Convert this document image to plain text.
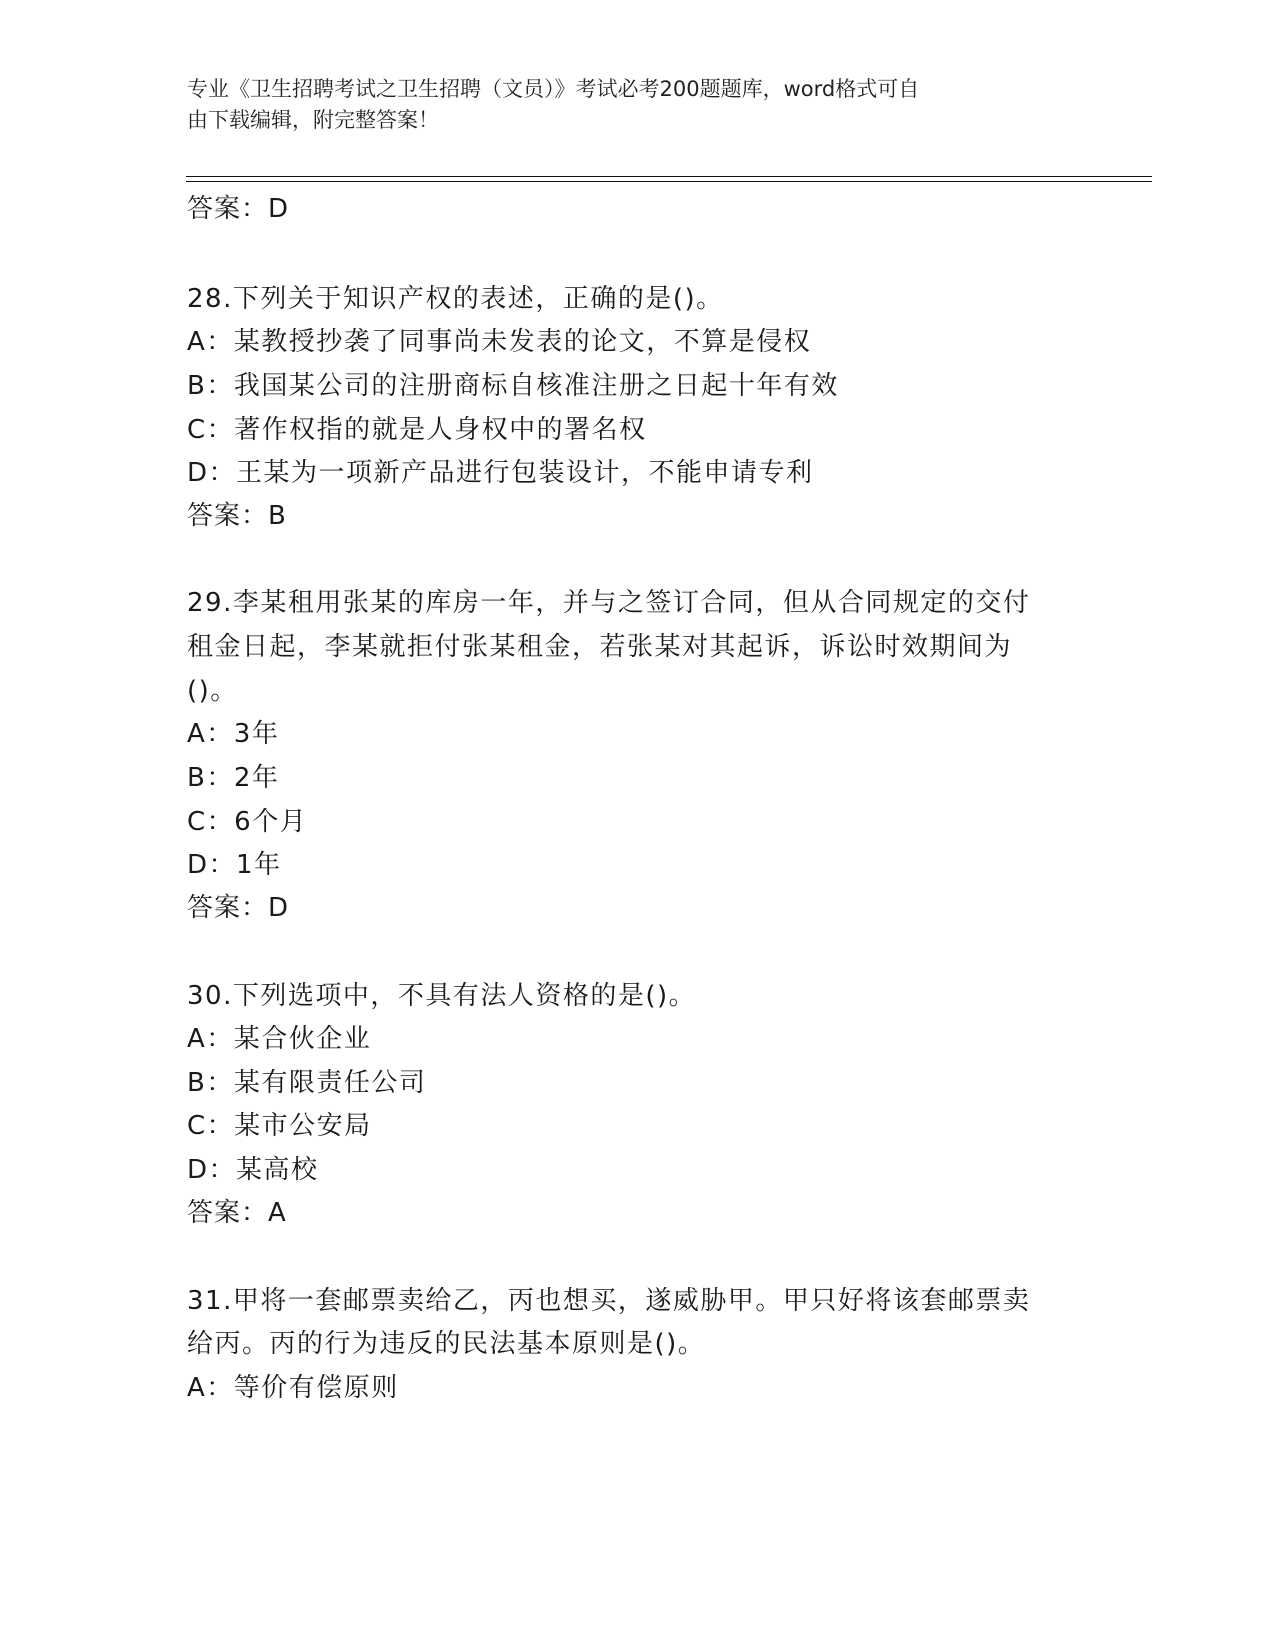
专业《卫生招聘考试之卫生招聘（文员）》考试必考200题题库，word格式可自
由下载编辑，附完整答案！
答案：D
28.下列关于知识产权的表述，正确的是()。
A：某教授抄袭了同事尚未发表的论文，不算是侵权
B：我国某公司的注册商标自核准注册之日起十年有效
C：著作权指的就是人身权中的署名权
D：王某为一项新产品进行包装设计，不能申请专利
答案：B
29.李某租用张某的库房一年，并与之签订合同，但从合同规定的交付
租金日起，李某就拒付张某租金，若张某对其起诉，诉讼时效期间为
()。
A：3年
B：2年
C：6个月
D：1年
答案：D
30.下列选项中，不具有法人资格的是()。
A：某合伙企业
B：某有限责任公司
C：某市公安局
D：某高校
答案：A
31.甲将一套邮票卖给乙，丙也想买，遂威胁甲。甲只好将该套邮票卖
给丙。丙的行为违反的民法基本原则是()。
A：等价有偿原则
